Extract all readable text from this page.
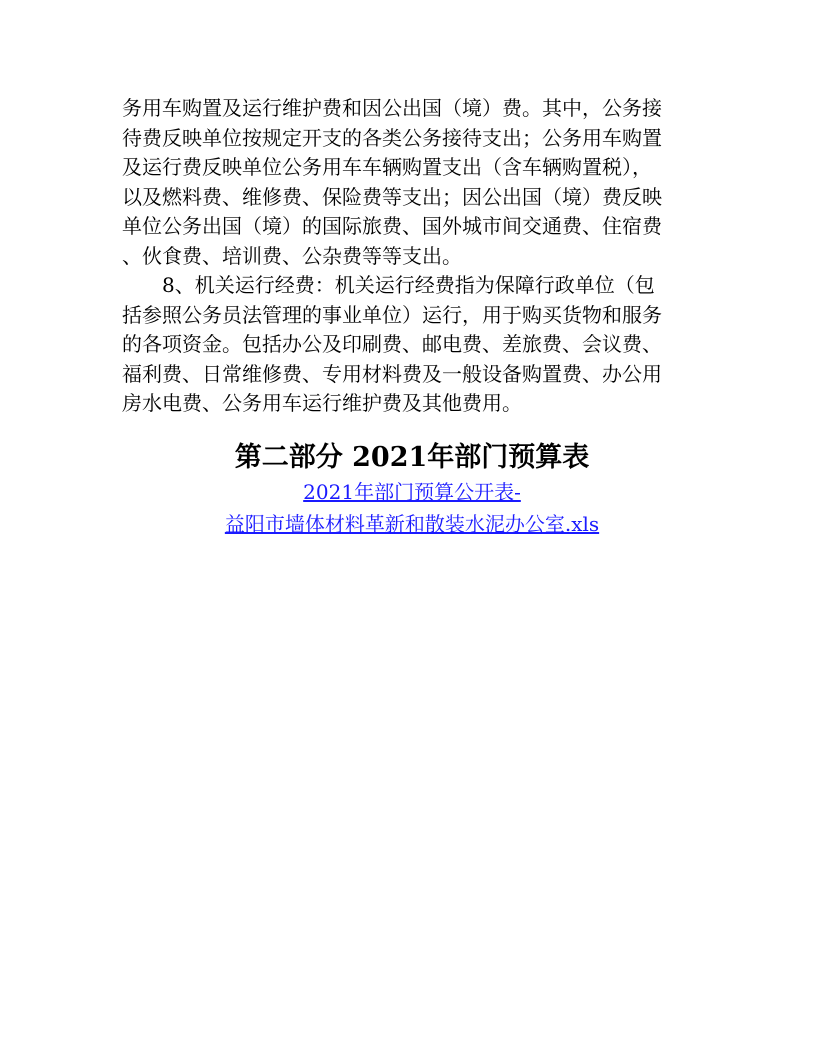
务用车购置及运行维护费和因公出国（境）费。其中，公务接
待费反映单位按规定开支的各类公务接待支出；公务用车购置
及运行费反映单位公务用车车辆购置支出（含车辆购置税），
以及燃料费、维修费、保险费等支出；因公出国（境）费反映
单位公务出国（境）的国际旅费、国外城市间交通费、住宿费
、伙食费、培训费、公杂费等等支出。
8、机关运行经费：机关运行经费指为保障行政单位（包
括参照公务员法管理的事业单位）运行，用于购买货物和服务
的各项资金。包括办公及印刷费、邮电费、差旅费、会议费、
福利费、日常维修费、专用材料费及一般设备购置费、办公用
房水电费、公务用车运行维护费及其他费用。
第二部分 2021年部门预算表
2021年部门预算公开表-
益阳市墙体材料革新和散装水泥办公室.xls
